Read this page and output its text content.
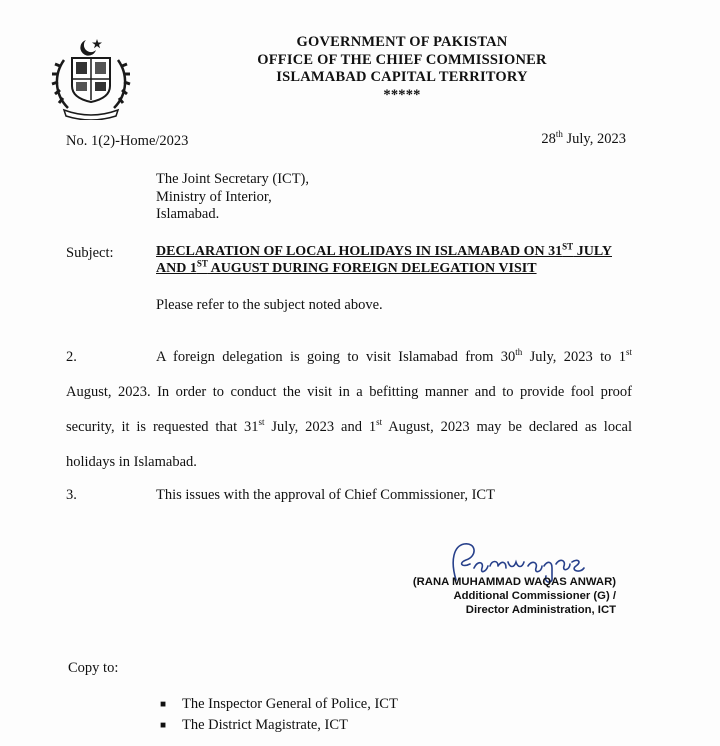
GOVERNMENT OF PAKISTAN
OFFICE OF THE CHIEF COMMISSIONER
ISLAMABAD CAPITAL TERRITORY
*****
No. 1(2)-Home/2023	28th July, 2023
The Joint Secretary (ICT),
Ministry of Interior,
Islamabad.
Subject:	DECLARATION OF LOCAL HOLIDAYS IN ISLAMABAD ON 31ST JULY AND 1ST AUGUST DURING FOREIGN DELEGATION VISIT
Please refer to the subject noted above.
2.	A foreign delegation is going to visit Islamabad from 30th July, 2023 to 1st August, 2023. In order to conduct the visit in a befitting manner and to provide fool proof security, it is requested that 31st July, 2023 and 1st August, 2023 may be declared as local holidays in Islamabad.
3.	This issues with the approval of Chief Commissioner, ICT
(RANA MUHAMMAD WAQAS ANWAR)
Additional Commissioner (G) /
Director Administration, ICT
Copy to:
■ The Inspector General of Police, ICT
■ The District Magistrate, ICT
